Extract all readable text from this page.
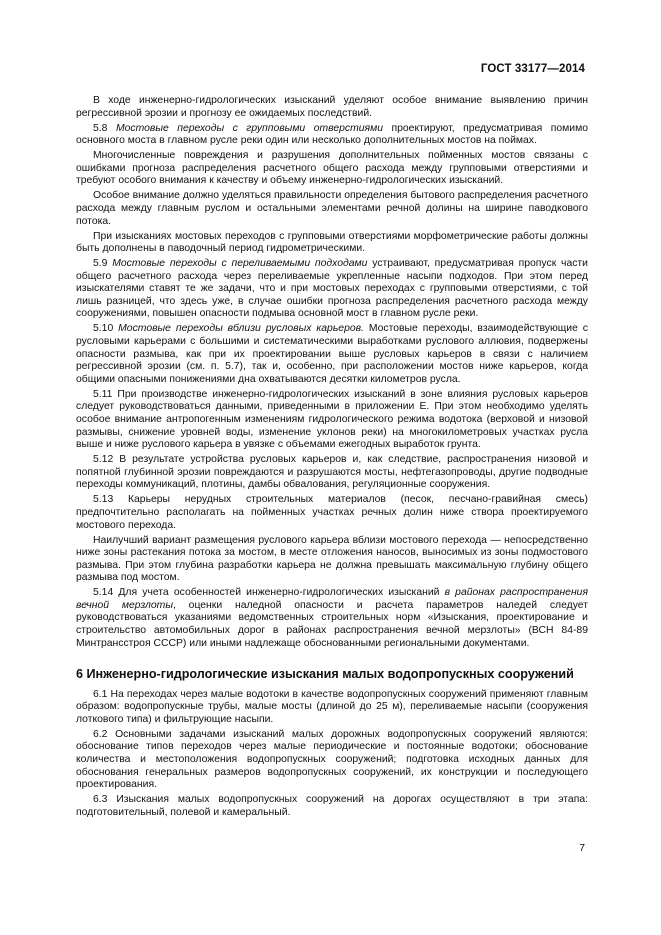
ГОСТ 33177—2014

В ходе инженерно-гидрологических изысканий уделяют особое внимание выявлению причин регрессивной эрозии и прогнозу ее ожидаемых последствий.

5.8 Мостовые переходы с групповыми отверстиями проектируют, предусматривая помимо основного моста в главном русле реки один или несколько дополнительных мостов на поймах.

Многочисленные повреждения и разрушения дополнительных пойменных мостов связаны с ошибками прогноза распределения расчетного общего расхода между групповыми отверстиями и требуют особого внимания к качеству и объему инженерно-гидрологических изысканий.

Особое внимание должно уделяться правильности определения бытового распределения расчетного расхода между главным руслом и остальными элементами речной долины на ширине паводкового потока.

При изысканиях мостовых переходов с групповыми отверстиями морфометрические работы должны быть дополнены в паводочный период гидрометрическими.

5.9 Мостовые переходы с переливаемыми подходами устраивают, предусматривая пропуск части общего расчетного расхода через переливаемые укрепленные насыпи подходов. При этом перед изыскателями ставят те же задачи, что и при мостовых переходах с групповыми отверстиями, с той лишь разницей, что здесь уже, в случае ошибки прогноза распределения расчетного расхода между сооружениями, повышен опасности подмыва основной мост в главном русле реки.

5.10 Мостовые переходы вблизи русловых карьеров. Мостовые переходы, взаимодействующие с русловыми карьерами с большими и систематическими выработками руслового аллювия, подвержены опасности размыва, как при их проектировании выше русловых карьеров в связи с наличием регрессивной эрозии (см. п. 5.7), так и, особенно, при расположении мостов ниже карьеров, когда общими опасными понижениями дна охватываются десятки километров русла.

5.11 При производстве инженерно-гидрологических изысканий в зоне влияния русловых карьеров следует руководствоваться данными, приведенными в приложении Е. При этом необходимо уделять особое внимание антропогенным изменениям гидрологического режима водотока (верховой и низовой размывы, снижение уровней воды, изменение уклонов реки) на многокилометровых участках русла выше и ниже руслового карьера в увязке с объемами ежегодных выработок грунта.

5.12 В результате устройства русловых карьеров и, как следствие, распространения низовой и попятной глубинной эрозии повреждаются и разрушаются мосты, нефтегазопроводы, другие подводные переходы коммуникаций, плотины, дамбы обвалования, регуляционные сооружения.

5.13 Карьеры нерудных строительных материалов (песок, песчано-гравийная смесь) предпочтительно располагать на пойменных участках речных долин ниже створа проектируемого мостового перехода.

Наилучший вариант размещения руслового карьера вблизи мостового перехода — непосредственно ниже зоны растекания потока за мостом, в месте отложения наносов, выносимых из зоны подмостового размыва. При этом глубина разработки карьера не должна превышать максимальную глубину общего размыва под мостом.

5.14 Для учета особенностей инженерно-гидрологических изысканий в районах распространения вечной мерзлоты, оценки наледной опасности и расчета параметров наледей следует руководствоваться указаниями ведомственных строительных норм «Изыскания, проектирование и строительство автомобильных дорог в районах распространения вечной мерзлоты» (ВСН 84-89 Минтрансстроя СССР) или иными надлежаще обоснованными региональными документами.

6 Инженерно-гидрологические изыскания малых водопропускных сооружений

6.1 На переходах через малые водотоки в качестве водопропускных сооружений применяют главным образом: водопропускные трубы, малые мосты (длиной до 25 м), переливаемые насыпи (сооружения лоткового типа) и фильтрующие насыпи.

6.2 Основными задачами изысканий малых дорожных водопропускных сооружений являются: обоснование типов переходов через малые периодические и постоянные водотоки; обоснование количества и местоположения водопропускных сооружений; подготовка исходных данных для обоснования генеральных размеров водопропускных сооружений, их конструкции и последующего проектирования.

6.3 Изыскания малых водопропускных сооружений на дорогах осуществляют в три этапа: подготовительный, полевой и камеральный.

7
